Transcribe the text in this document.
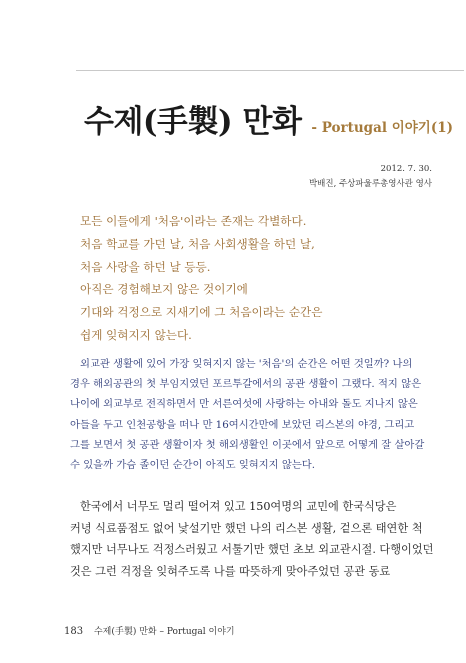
수제(手製) 만화 - Portugal 이야기(1)
2012. 7. 30.
박배진, 주상파울루총영사관 영사
모든 이들에게 '처음'이라는 존재는 각별하다.
처음 학교를 가던 날, 처음 사회생활을 하던 날,
처음 사랑을 하던 날 등등.
아직은 경험해보지 않은 것이기에
기대와 걱정으로 지새기에 그 처음이라는 순간은
쉽게 잊혀지지 않는다.
외교관 생활에 있어 가장 잊혀지지 않는 '처음'의 순간은 어떤 것일까? 나의
경우 해외공관의 첫 부임지였던 포르투갈에서의 공관 생활이 그랬다. 적지 않은
나이에 외교부로 전직하면서 만 서른여섯에 사랑하는 아내와 돌도 지나지 않은
아들을 두고 인천공항을 떠나 만 16여시간만에 보았던 리스본의 야경, 그리고
그를 보면서 첫 공관 생활이자 첫 해외생활인 이곳에서 앞으로 어떻게 잘 살아갈
수 있을까 가슴 졸이던 순간이 아직도 잊혀지지 않는다.
한국에서 너무도 멀리 떨어져 있고 150여명의 교민에 한국식당은
커녕 식료품점도 없어 낯설기만 했던 나의 리스본 생활, 겉으론 태연한 척
했지만 너무나도 걱정스러웠고 서툴기만 했던 초보 외교관시절. 다행이었던
것은 그런 걱정을 잊혀주도록 나를 따뜻하게 맞아주었던 공관 동료
183 수제(手製) 만화 – Portugal 이야기
